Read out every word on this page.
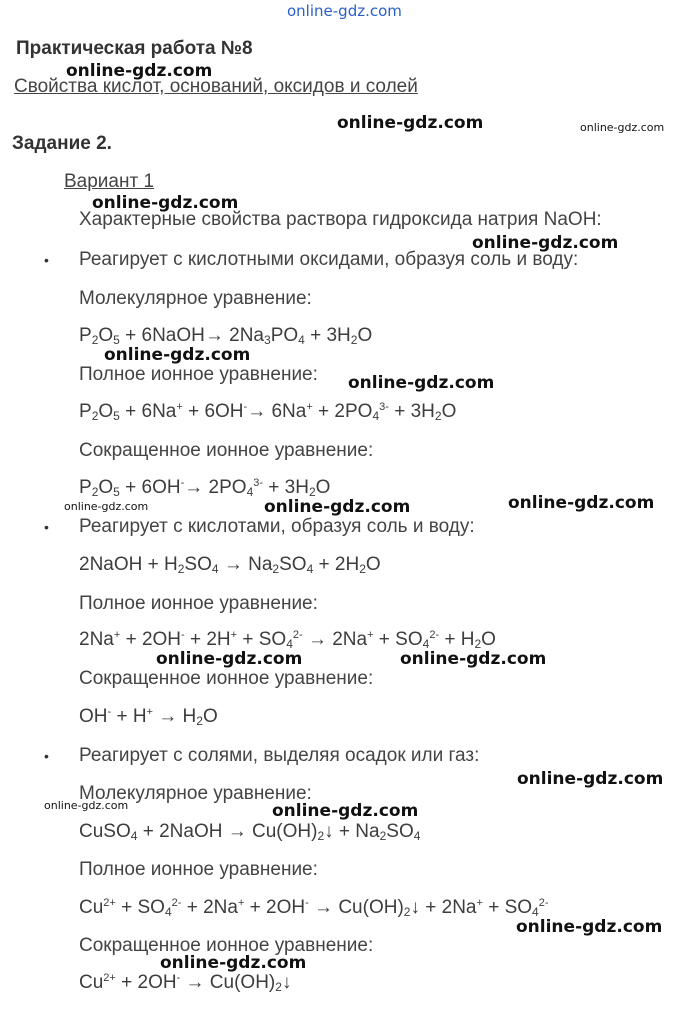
online-gdz.com
Практическая работа №8
Свойства кислот, оснований, оксидов и солей
Задание 2.
Вариант 1
Характерные свойства раствора гидроксида натрия NaOH:
• Реагирует с кислотными оксидами, образуя соль и воду:
Молекулярное уравнение:
$P_2O_5$ + 6NaOH→ $2Na_3PO_4 + 3H_2O$
Полное ионное уравнение:
$P_2O_5 + 6Na^+ + 6OH^-\to 6Na^+ + 2PO_4^{3-} + 3H_2O$
Сокращенное ионное уравнение:
$P_2O_5 + 6OH^-\to 2PO_4^{3-} + 3H_2O$
• Реагирует с кислотами, образуя соль и воду:
2NaOH + $H_2SO_4 \to Na_2SO_4 + 2H_2O$
Полное ионное уравнение:
$2Na^+ + 2OH^- + 2H^+ + SO_4^{2-} \to 2Na^+ + SO_4^{2-} + H_2O$
Сокращенное ионное уравнение:
$OH^- + H^+ \to H_2O$
• Реагирует с солями, выделяя осадок или газ:
Молекулярное уравнение:
CuSO$_4$ + 2NaOH → $Cu(OH)_2↓ + Na_2SO_4$
Полное ионное уравнение:
$Cu^{2+} + SO_4^{2-} + 2Na^+ + 2OH^-$ → $Cu(OH)_2↓ + 2Na^+ + SO_4^{2-}$
Сокращенное ионное уравнение:
$Cu^{2+} + 2OH^-$ → $Cu(OH)_2↓$
online-gdz.com
online-gdz.com	online-gdz.com
online-gdz.com
online-gdz.com
online-gdz.com
online-gdz.com
online-gdz.com	online-gdz.com	online-gdz.com
online-gdz.com	online-gdz.com
online-gdz.com
online-gdz.com	online-gdz.com
online-gdz.com
online-gdz.com
